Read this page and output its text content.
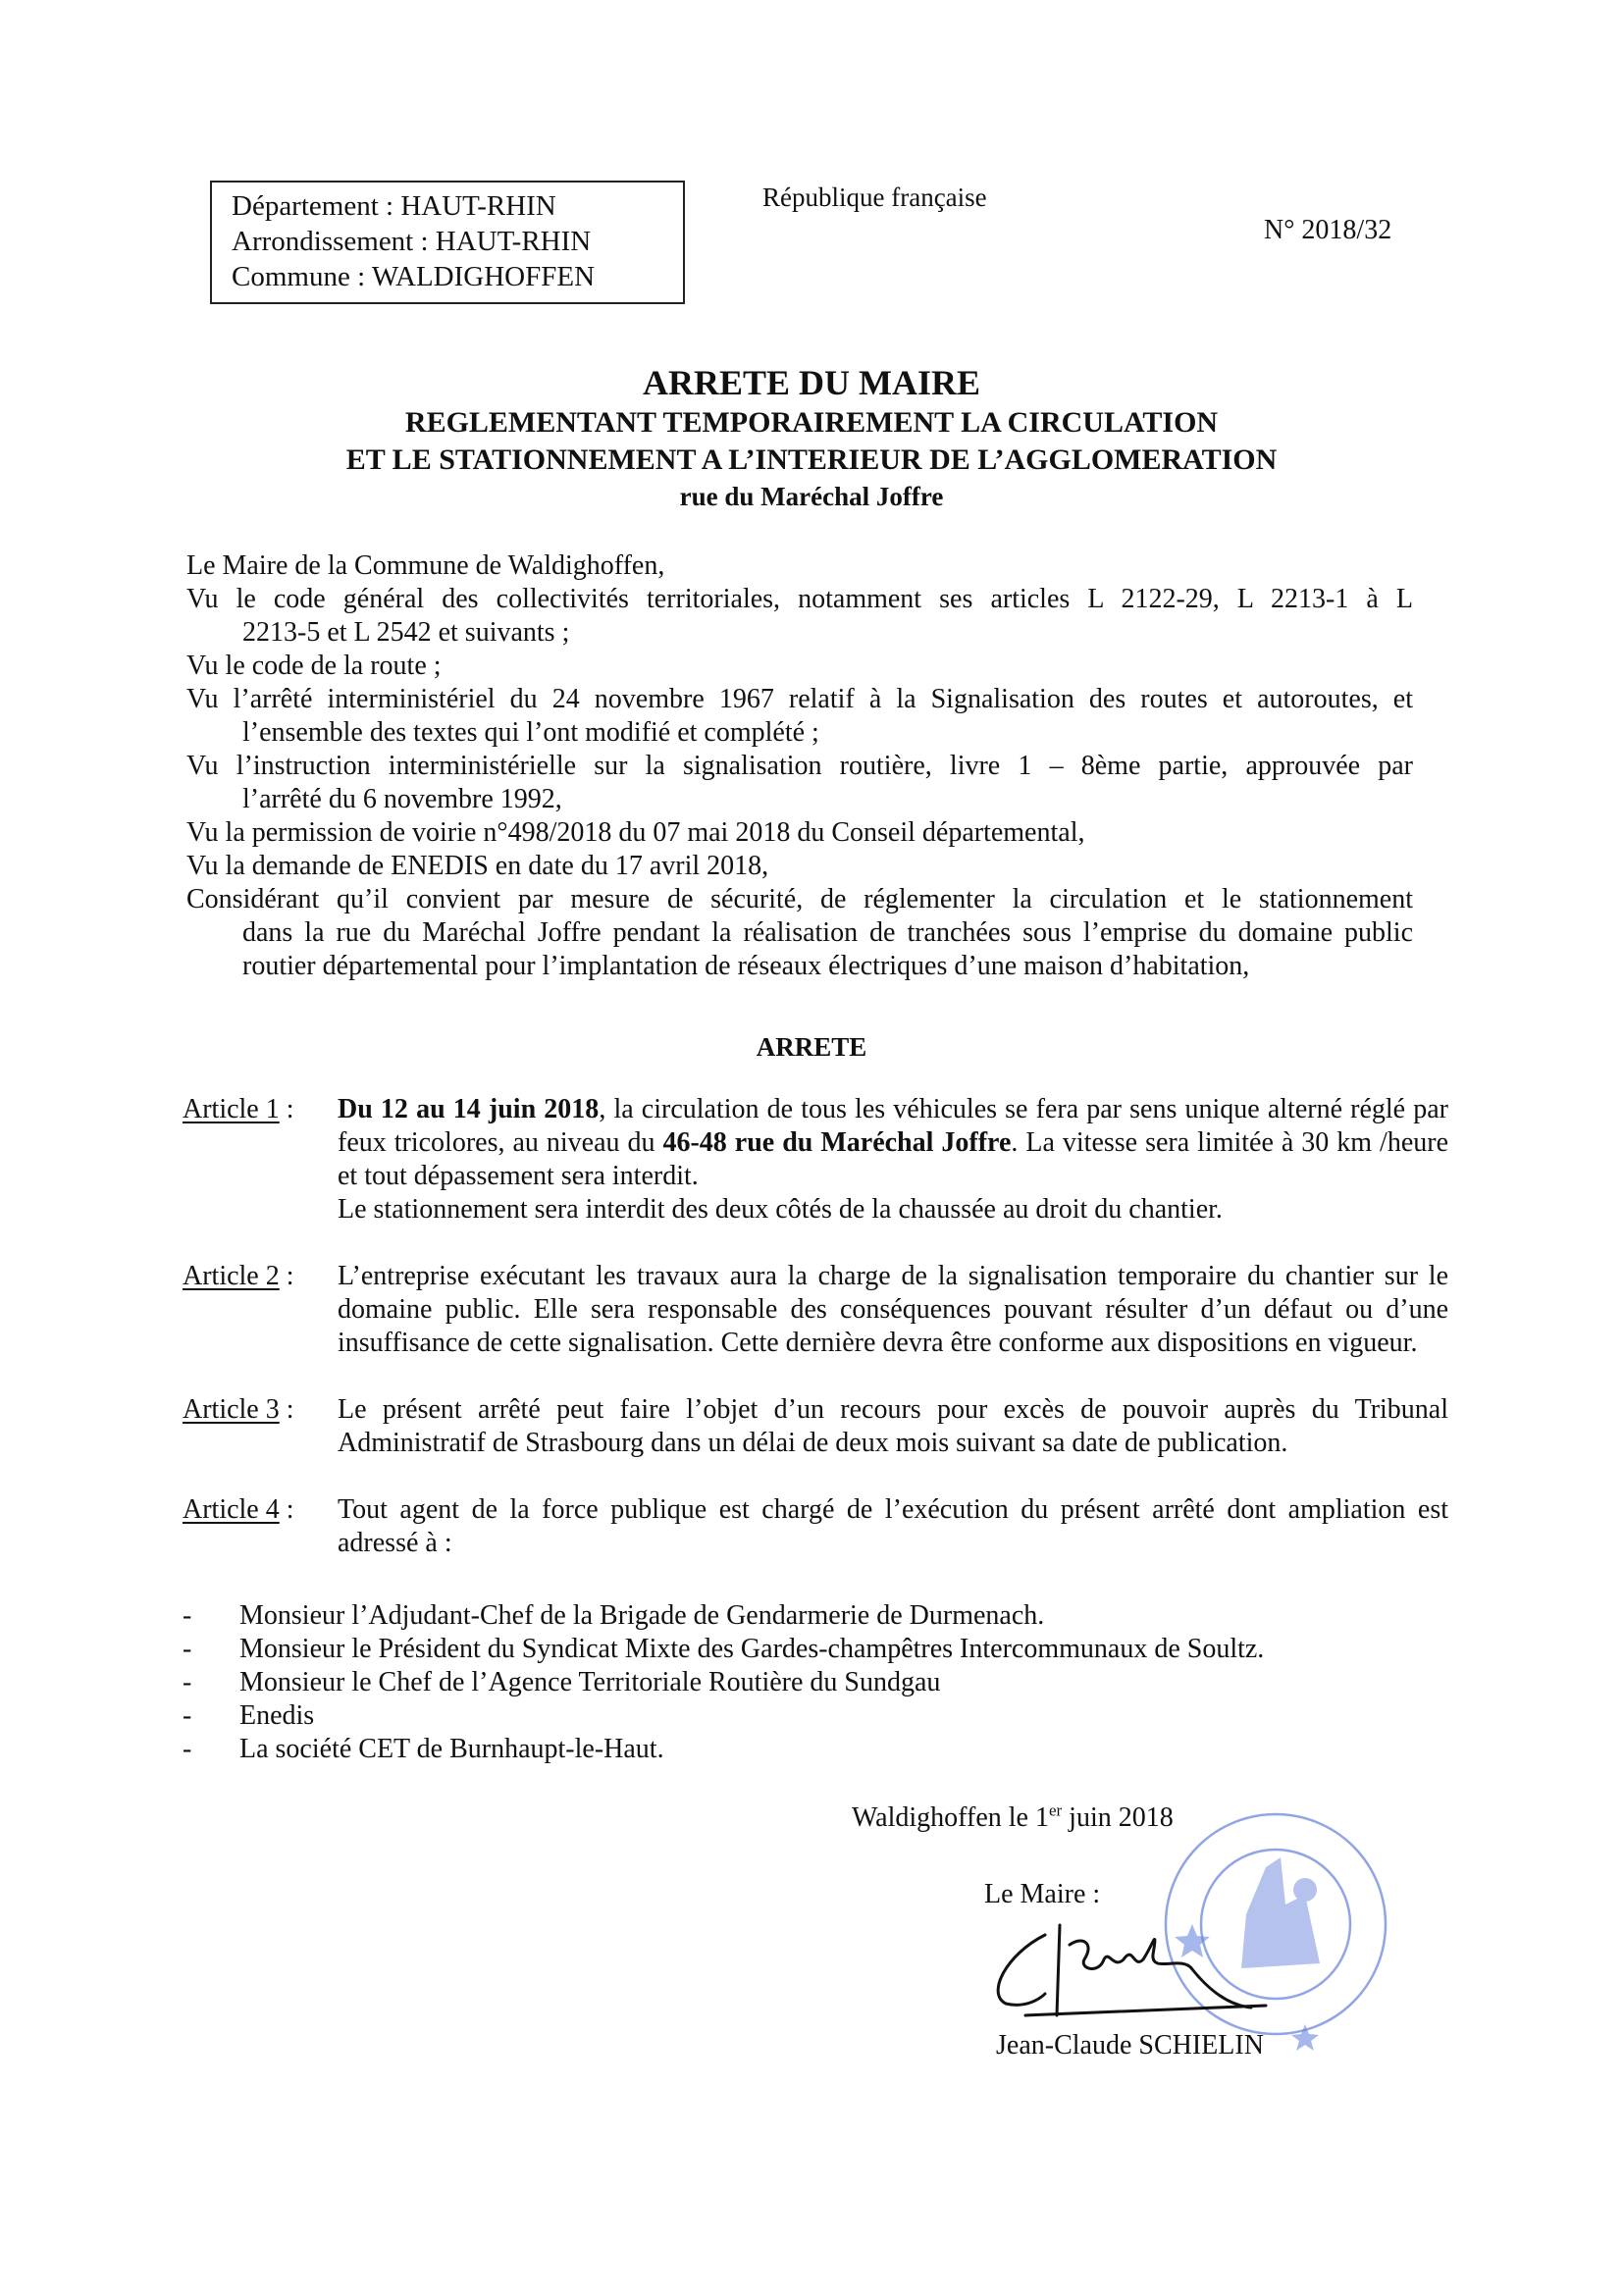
Département : HAUT-RHIN
Arrondissement : HAUT-RHIN
Commune : WALDIGHOFFEN
République française
N° 2018/32
ARRETE DU MAIRE
REGLEMENTANT TEMPORAIREMENT LA CIRCULATION
ET LE STATIONNEMENT A L’INTERIEUR DE L’AGGLOMERATION
rue du Maréchal Joffre
Le Maire de la Commune de Waldighoffen,
Vu le code général des collectivités territoriales, notamment ses articles L 2122-29, L 2213-1 à L
2213-5 et L 2542 et suivants ;
Vu le code de la route ;
Vu l’arrêté interministériel du 24 novembre 1967 relatif à la Signalisation des routes et autoroutes, et
l’ensemble des textes qui l’ont modifié et complété ;
Vu l’instruction interministérielle sur la signalisation routière, livre 1 – 8ème partie, approuvée par
l’arrêté du 6 novembre 1992,
Vu la permission de voirie n°498/2018 du 07 mai 2018 du Conseil départemental,
Vu la demande de ENEDIS en date du 17 avril 2018,
Considérant qu’il convient par mesure de sécurité, de réglementer la circulation et le stationnement
dans la rue du Maréchal Joffre pendant la réalisation de tranchées sous l’emprise du domaine public routier départemental pour l’implantation de réseaux électriques d’une maison d’habitation,
ARRETE
Article 1 :	Du 12 au 14 juin 2018, la circulation de tous les véhicules se fera par sens unique alterné réglé par feux tricolores, au niveau du 46-48 rue du Maréchal Joffre. La vitesse sera limitée à 30 km /heure et tout dépassement sera interdit.
Le stationnement sera interdit des deux côtés de la chaussée au droit du chantier.
Article 2 :	L’entreprise exécutant les travaux aura la charge de la signalisation temporaire du chantier sur le domaine public. Elle sera responsable des conséquences pouvant résulter d’un défaut ou d’une insuffisance de cette signalisation. Cette dernière devra être conforme aux dispositions en vigueur.
Article 3 :	Le présent arrêté peut faire l’objet d’un recours pour excès de pouvoir auprès du Tribunal Administratif de Strasbourg dans un délai de deux mois suivant sa date de publication.
Article 4 :	Tout agent de la force publique est chargé de l’exécution du présent arrêté dont ampliation est adressé à :
-	Monsieur l’Adjudant-Chef de la Brigade de Gendarmerie de Durmenach.
-	Monsieur le Président du Syndicat Mixte des Gardes-champêtres Intercommunaux de Soultz.
-	Monsieur le Chef de l’Agence Territoriale Routière du Sundgau
-	Enedis
-	La société CET de Burnhaupt-le-Haut.
Waldighoffen le 1er juin 2018
Le Maire :
Jean-Claude SCHIELIN
